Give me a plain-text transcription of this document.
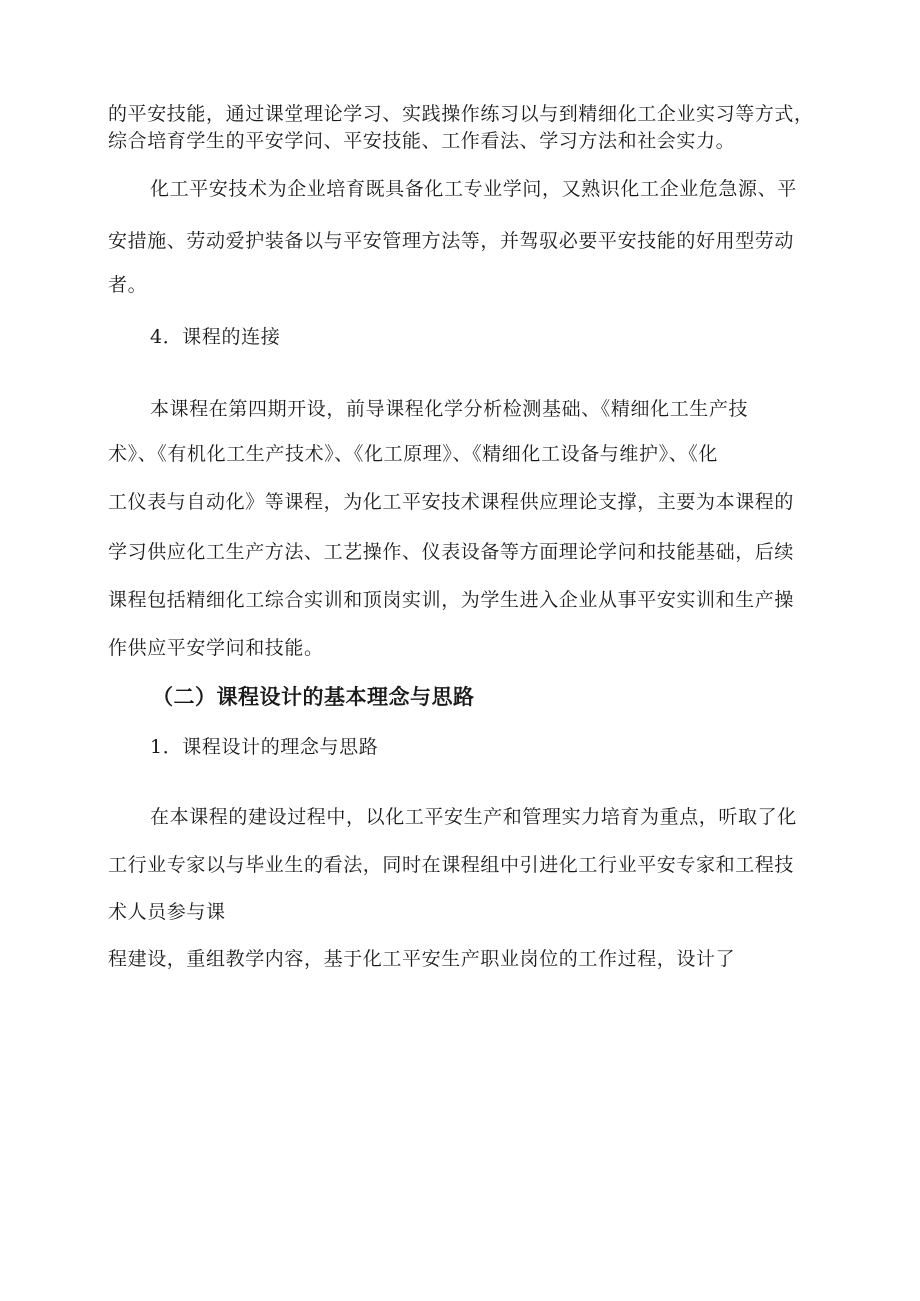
的平安技能，通过课堂理论学习、实践操作练习以与到精细化工企业实习等方式，
综合培育学生的平安学问、平安技能、工作看法、学习方法和社会实力。
化工平安技术为企业培育既具备化工专业学问，又熟识化工企业危急源、平
安措施、劳动爱护装备以与平安管理方法等，并驾驭必要平安技能的好用型劳动
者。
4．课程的连接
本课程在第四期开设，前导课程化学分析检测基础、《精细化工生产技
术》、《有机化工生产技术》、《化工原理》、《精细化工设备与维护》、《化
工仪表与自动化》等课程，为化工平安技术课程供应理论支撑，主要为本课程的
学习供应化工生产方法、工艺操作、仪表设备等方面理论学问和技能基础，后续
课程包括精细化工综合实训和顶岗实训，为学生进入企业从事平安实训和生产操
作供应平安学问和技能。
（二）课程设计的基本理念与思路
1．课程设计的理念与思路
在本课程的建设过程中，以化工平安生产和管理实力培育为重点，听取了化
工行业专家以与毕业生的看法，同时在课程组中引进化工行业平安专家和工程技
术人员参与课
程建设，重组教学内容，基于化工平安生产职业岗位的工作过程，设计了
